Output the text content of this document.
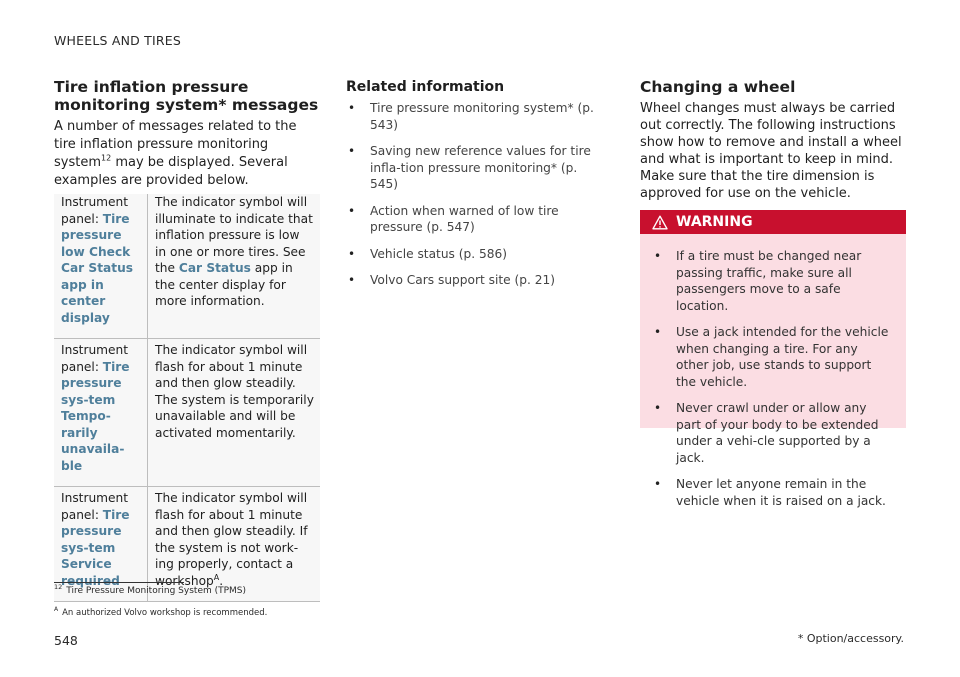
WHEELS AND TIRES
Tire inflation pressure monitoring system* messages

A number of messages related to the tire inflation pressure monitoring system$^{12}$ may be displayed. Several examples are provided below.

Instrument panel: Tire pressure low Check Car Status app in center display	The indicator symbol will illuminate to indicate that inflation pressure is low in one or more tires. See the Car Status app in the center display for more information.
Instrument panel: Tire pressure sys-tem Tempo-rarily unavaila-ble	The indicator symbol will flash for about 1 minute and then glow steadily. The system is temporarily unavailable and will be activated momentarily.
Instrument panel: Tire pressure sys-tem Service required	The indicator symbol will flash for about 1 minute and then glow steadily. If the system is not work-ing properly, contact a workshop$^A$.
$^A$ An authorized Volvo workshop is recommended.
Related information
• Tire pressure monitoring system* (p. 543)
• Saving new reference values for tire infla-tion pressure monitoring* (p. 545)
• Action when warned of low tire pressure (p. 547)
• Vehicle status (p. 586)
• Volvo Cars support site (p. 21)
Changing a wheel

Wheel changes must always be carried out correctly. The following instructions show how to remove and install a wheel and what is important to keep in mind. Make sure that the tire dimension is approved for use on the vehicle.

WARNING
• If a tire must be changed near passing traffic, make sure all passengers move to a safe location.
• Use a jack intended for the vehicle when changing a tire. For any other job, use stands to support the vehicle.
• Never crawl under or allow any part of your body to be extended under a vehi-cle supported by a jack.
• Never let anyone remain in the vehicle when it is raised on a jack.
$^{12}$ Tire Pressure Monitoring System (TPMS)
* Option/accessory.
548
